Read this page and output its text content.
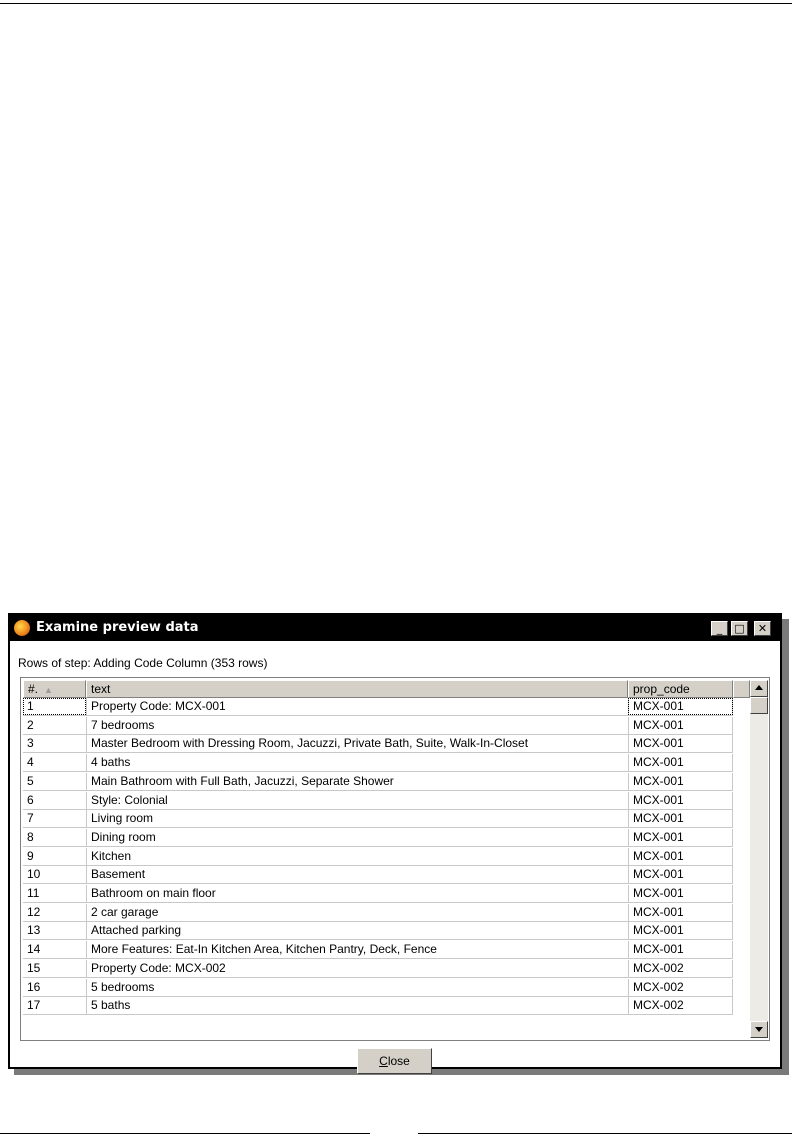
Examine preview data	_	□	✕
Rows of step: Adding Code Column (353 rows)
#. ▲	text	prop_code
1	Property Code: MCX-001	MCX-001
2	7 bedrooms	MCX-001
3	Master Bedroom with Dressing Room, Jacuzzi, Private Bath, Suite, Walk-In-Closet	MCX-001
4	4 baths	MCX-001
5	Main Bathroom with Full Bath, Jacuzzi, Separate Shower	MCX-001
6	Style: Colonial	MCX-001
7	Living room	MCX-001
8	Dining room	MCX-001
9	Kitchen	MCX-001
10	Basement	MCX-001
11	Bathroom on main floor	MCX-001
12	2 car garage	MCX-001
13	Attached parking	MCX-001
14	More Features: Eat-In Kitchen Area, Kitchen Pantry, Deck, Fence	MCX-001
15	Property Code: MCX-002	MCX-002
16	5 bedrooms	MCX-002
17	5 baths	MCX-002
Close
